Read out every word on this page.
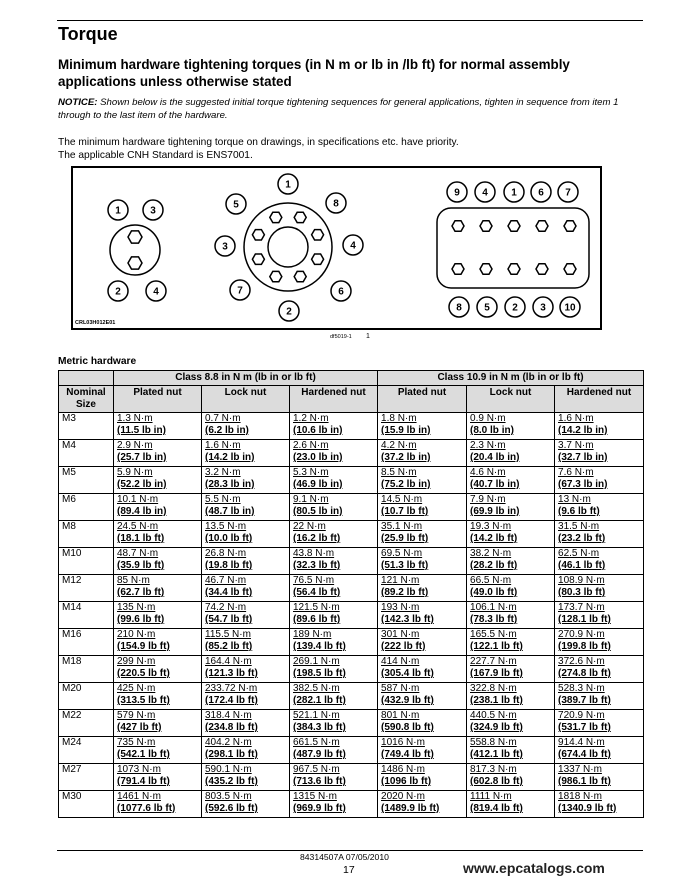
Torque
Minimum hardware tightening torques (in N m or lb in /lb ft) for normal assembly applications unless otherwise stated
NOTICE: Shown below is the suggested initial torque tightening sequences for general applications, tighten in sequence from item 1 through to the last item of the hardware.
The minimum hardware tightening torque on drawings, in specifications etc. have priority.
The applicable CNH Standard is ENS7001.
1	3
2	4
1
8
4
6
2
7
3
5
9 4 1 6 7
8 5 2 3 10
CRL03H012E01
df5019-1 1
Metric hardware
	Class 8.8 in N m (lb in or lb ft)			Class 10.9 in N m (lb in or lb ft)		
Nominal Size	Plated nut	Lock nut	Hardened nut	Plated nut	Lock nut	Hardened nut
M3	1.3 N·m
(11.5 lb in)	0.7 N·m
(6.2 lb in)	1.2 N·m
(10.6 lb in)	1.8 N·m
(15.9 lb in)	0.9 N·m
(8.0 lb in)	1.6 N·m
(14.2 lb in)

M4	2.9 N·m
(25.7 lb in)	1.6 N·m
(14.2 lb in)	2.6 N·m
(23.0 lb in)	4.2 N·m
(37.2 lb in)	2.3 N·m
(20.4 lb in)	3.7 N·m
(32.7 lb in)

M5	5.9 N·m
(52.2 lb in)	3.2 N·m
(28.3 lb in)	5.3 N·m
(46.9 lb in)	8.5 N·m
(75.2 lb in)	4.6 N·m
(40.7 lb in)	7.6 N·m
(67.3 lb in)

M6	10.1 N·m
(89.4 lb in)	5.5 N·m
(48.7 lb in)	9.1 N·m
(80.5 lb in)	14.5 N·m
(10.7 lb ft)	7.9 N·m
(69.9 lb in)	13 N·m
(9.6 lb ft)

M8	24.5 N·m
(18.1 lb ft)	13.5 N·m
(10.0 lb ft)	22 N·m
(16.2 lb ft)	35.1 N·m
(25.9 lb ft)	19.3 N·m
(14.2 lb ft)	31.5 N·m
(23.2 lb ft)

M10	48.7 N·m
(35.9 lb ft)	26.8 N·m
(19.8 lb ft)	43.8 N·m
(32.3 lb ft)	69.5 N·m
(51.3 lb ft)	38.2 N·m
(28.2 lb ft)	62.5 N·m
(46.1 lb ft)

M12	85 N·m
(62.7 lb ft)	46.7 N·m
(34.4 lb ft)	76.5 N·m
(56.4 lb ft)	121 N·m
(89.2 lb ft)	66.5 N·m
(49.0 lb ft)	108.9 N·m
(80.3 lb ft)

M14	135 N·m
(99.6 lb ft)	74.2 N·m
(54.7 lb ft)	121.5 N·m
(89.6 lb ft)	193 N·m
(142.3 lb ft)	106.1 N·m
(78.3 lb ft)	173.7 N·m
(128.1 lb ft)

M16	210 N·m
(154.9 lb ft)	115.5 N·m
(85.2 lb ft)	189 N·m
(139.4 lb ft)	301 N·m
(222 lb ft)	165.5 N·m
(122.1 lb ft)	270.9 N·m
(199.8 lb ft)

M18	299 N·m
(220.5 lb ft)	164.4 N·m
(121.3 lb ft)	269.1 N·m
(198.5 lb ft)	414 N·m
(305.4 lb ft)	227.7 N·m
(167.9 lb ft)	372.6 N·m
(274.8 lb ft)

M20	425 N·m
(313.5 lb ft)	233.72 N·m
(172.4 lb ft)	382.5 N·m
(282.1 lb ft)	587 N·m
(432.9 lb ft)	322.8 N·m
(238.1 lb ft)	528.3 N·m
(389.7 lb ft)

M22	579 N·m
(427 lb ft)	318.4 N·m
(234.8 lb ft)	521.1 N·m
(384.3 lb ft)	801 N·m
(590.8 lb ft)	440.5 N·m
(324.9 lb ft)	720.9 N·m
(531.7 lb ft)

M24	735 N·m
(542.1 lb ft)	404.2 N·m
(298.1 lb ft)	661.5 N·m
(487.9 lb ft)	1016 N·m
(749.4 lb ft)	558.8 N·m
(412.1 lb ft)	914.4 N·m
(674.4 lb ft)

M27	1073 N·m
(791.4 lb ft)	590.1 N·m
(435.2 lb ft)	967.5 N·m
(713.6 lb ft)	1486 N·m
(1096 lb ft)	817.3 N·m
(602.8 lb ft)	1337 N·m
(986.1 lb ft)

M30	1461 N·m
(1077.6 lb ft)	803.5 N·m
(592.6 lb ft)	1315 N·m
(969.9 lb ft)	2020 N·m
(1489.9 lb ft)	1111 N·m
(819.4 lb ft)	1818 N·m
(1340.9 lb ft)
84314507A 07/05/2010
17	www.epcatalogs.com
